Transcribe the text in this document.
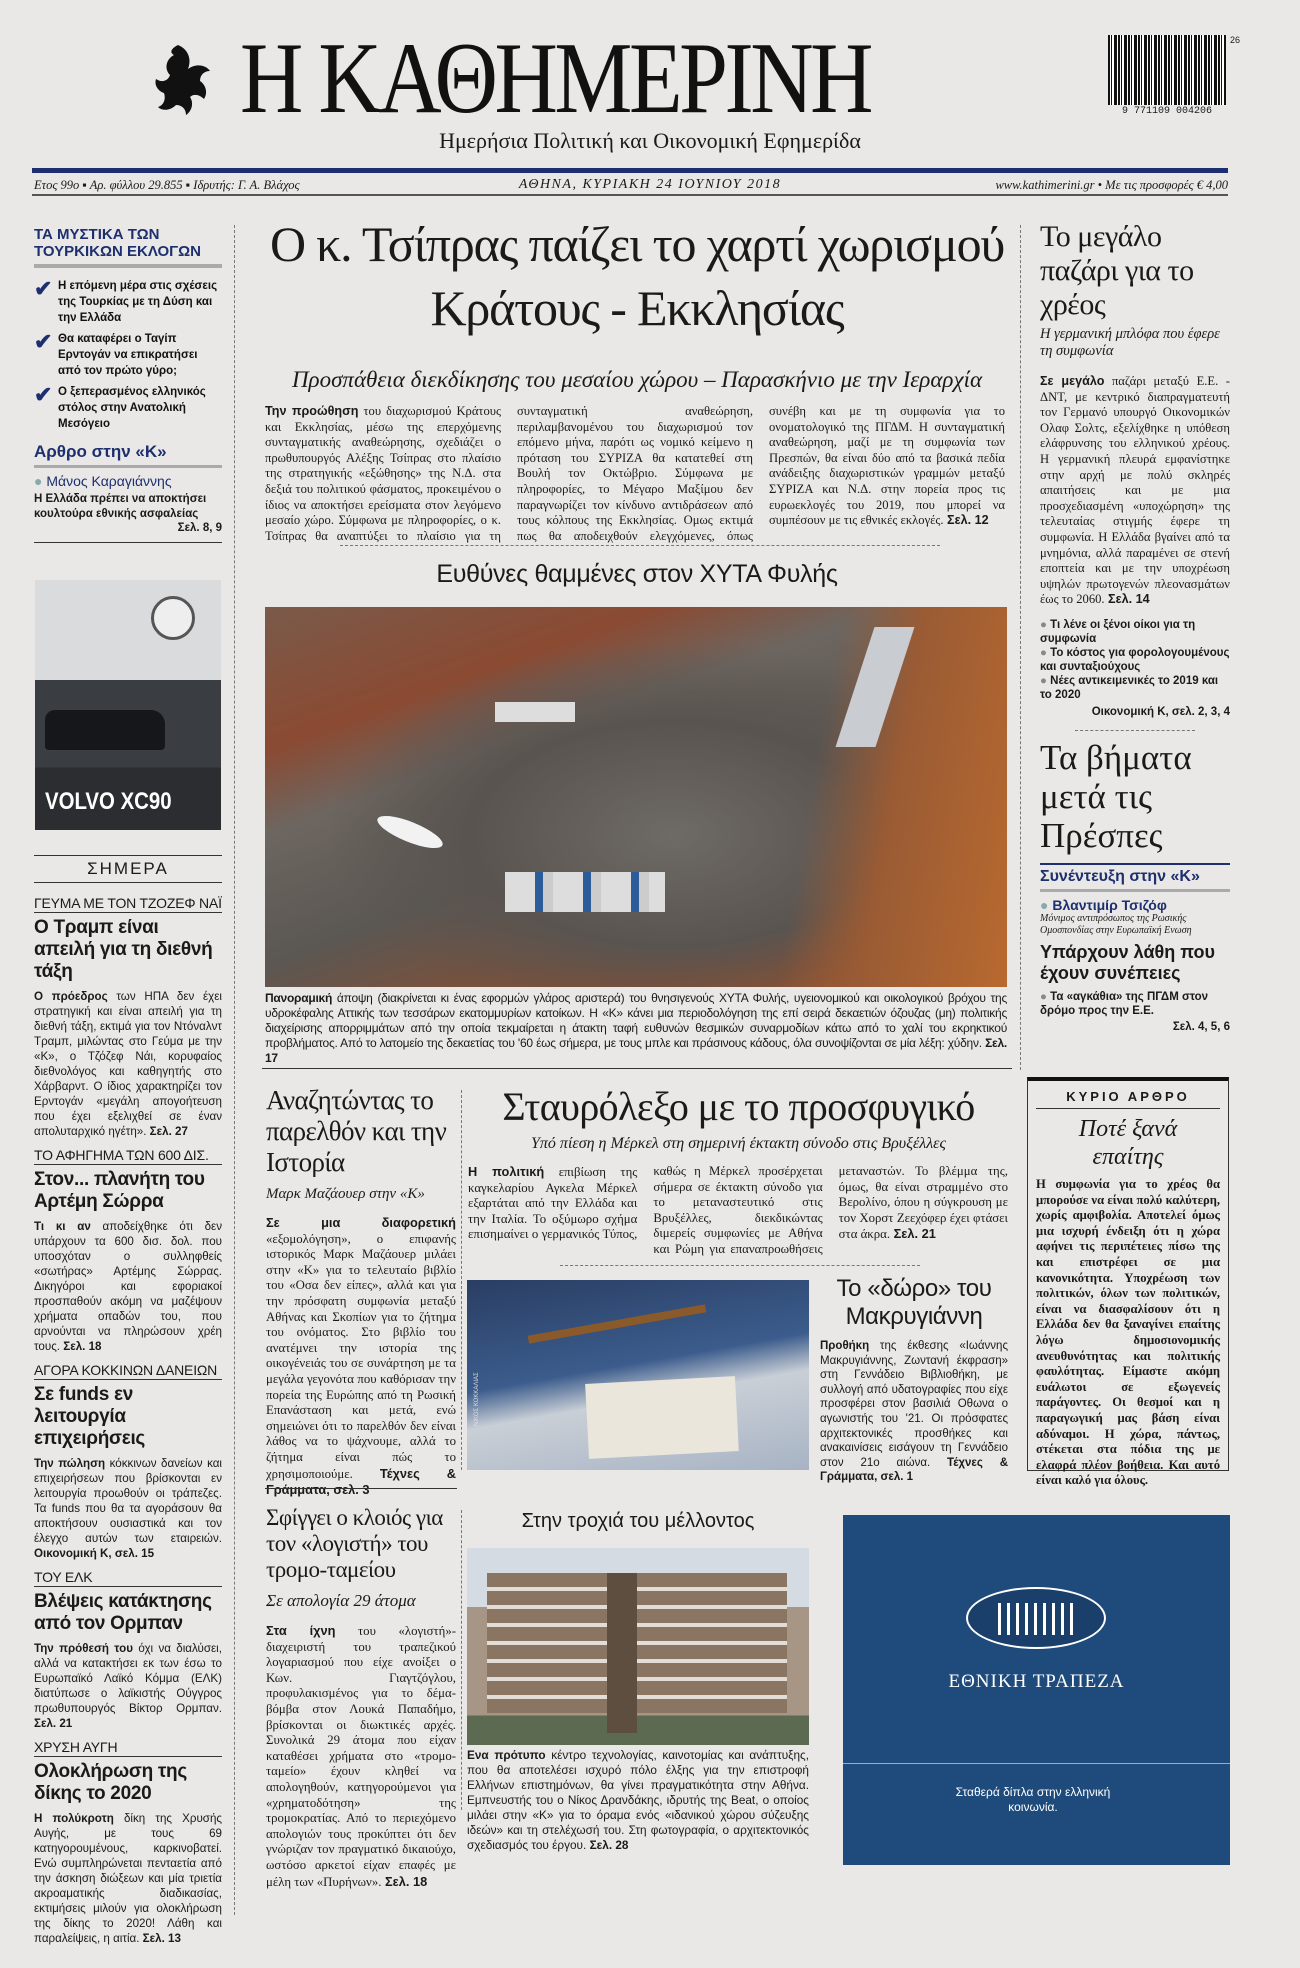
Η ΚΑΘΗΜΕΡΙΝΗ	9 771109 004206
26
Ημερήσια Πολιτική και Οικονομική Εφημερίδα
Ετος 99ο ▪ Αρ. φύλλου 29.855 ▪ Ιδρυτής: Γ. Α. Βλάχος	ΑΘΗΝΑ, ΚΥΡΙΑΚΗ 24 ΙΟΥΝΙΟΥ 2018	www.kathimerini.gr • Με τις προσφορές € 4,00
ΤΑ ΜΥΣΤΙΚΑ ΤΩΝ ΤΟΥΡΚΙΚΩΝ ΕΚΛΟΓΩΝ
✔ Η επόμενη μέρα στις σχέσεις της Τουρκίας με τη Δύση και την Ελλάδα
✔ Θα καταφέρει ο Ταγίπ Ερντογάν να επικρατήσει από τον πρώτο γύρο;
✔ Ο ξεπερασμένος ελληνικός στόλος στην Ανατολική Μεσόγειο
Αρθρο στην «Κ»
● Μάνος Καραγιάννης
Η Ελλάδα πρέπει να αποκτήσει κουλτούρα εθνικής ασφαλείας
Σελ. 8, 9
VOLVO XC90
ΣΗΜΕΡΑ
ΓΕΥΜΑ ΜΕ ΤΟΝ ΤΖΟΖΕΦ ΝΑΪ
Ο Τραμπ είναι απειλή για τη διεθνή τάξη

Ο πρόεδρος των ΗΠΑ δεν έχει στρατηγική και είναι απειλή για τη διεθνή τάξη, εκτιμά για τον Ντόναλντ Τραμπ, μιλώντας στο Γεύμα με την «Κ», ο Τζόζεφ Νάι, κορυφαίος διεθνολόγος και καθηγητής στο Χάρβαρντ. Ο ίδιος χαρακτηρίζει τον Ερντογάν «μεγάλη απογοήτευση που έχει εξελιχθεί σε έναν απολυταρχικό ηγέτη». Σελ. 27

ΤΟ ΑΦΗΓΗΜΑ ΤΩΝ 600 ΔΙΣ.
Στον... πλανήτη του Αρτέμη Σώρρα

Τι κι αν αποδείχθηκε ότι δεν υπάρχουν τα 600 δισ. δολ. που υποσχόταν ο συλληφθείς «σωτήρας» Αρτέμης Σώρρας. Δικηγόροι και εφοριακοί προσπαθούν ακόμη να μαζέψουν χρήματα οπαδών του, που αρνούνται να πληρώσουν χρέη τους. Σελ. 18

ΑΓΟΡΑ ΚΟΚΚΙΝΩΝ ΔΑΝΕΙΩΝ
Σε funds εν λειτουργία επιχειρήσεις

Την πώληση κόκκινων δανείων και επιχειρήσεων που βρίσκονται εν λειτουργία προωθούν οι τράπεζες. Τα funds που θα τα αγοράσουν θα αποκτήσουν ουσιαστικά και τον έλεγχο αυτών των εταιρειών. Οικονομική Κ, σελ. 15

ΤΟΥ ΕΛΚ
Βλέψεις κατάκτησης από τον Ορμπαν

Την πρόθεσή του όχι να διαλύσει, αλλά να κατακτήσει εκ των έσω το Ευρωπαϊκό Λαϊκό Κόμμα (ΕΛΚ) διατύπωσε ο λαϊκιστής Ούγγρος πρωθυπουργός Βίκτορ Ορμπαν. Σελ. 21

ΧΡΥΣΗ ΑΥΓΗ
Ολοκλήρωση της δίκης το 2020

Η πολύκροτη δίκη της Χρυσής Αυγής, με τους 69 κατηγορουμένους, καρκινοβατεί. Ενώ συμπληρώνεται πενταετία από την άσκηση διώξεων και μία τριετία ακροαματικής διαδικασίας, εκτιμήσεις μιλούν για ολοκλήρωση της δίκης το 2020! Λάθη και παραλείψεις, η αιτία. Σελ. 13

Ο κ. Τσίπρας παίζει το χαρτί χωρισμού Κράτους - Εκκλησίας
Προσπάθεια διεκδίκησης του μεσαίου χώρου – Παρασκήνιο με την Ιεραρχία

Την προώθηση του διαχωρισμού Κράτους και Εκκλησίας, μέσω της επερχόμενης συνταγματικής αναθεώρησης, σχεδιάζει ο πρωθυπουργός Αλέξης Τσίπρας στο πλαίσιο της στρατηγικής «εξώθησης» της Ν.Δ. στα δεξιά του πολιτικού φάσματος, προκειμένου ο ίδιος να αποκτήσει ερείσματα στον λεγόμενο μεσαίο χώρο. Σύμφωνα με πληροφορίες, ο κ. Τσίπρας θα αναπτύξει το πλαίσιο για τη συνταγματική αναθεώρηση, περιλαμβανομένου του διαχωρισμού τον επόμενο μήνα, παρότι ως νομικό κείμενο η πρόταση του ΣΥΡΙΖΑ θα κατατεθεί στη Βουλή τον Οκτώβριο. Σύμφωνα με πληροφορίες, το Μέγαρο Μαξίμου δεν παραγνωρίζει τον κίνδυνο αντιδράσεων από τους κόλπους της Εκκλησίας. Ομως εκτιμά πως θα αποδειχθούν ελεγχόμενες, όπως συνέβη και με τη συμφωνία για το ονοματολογικό της ΠΓΔΜ. Η συνταγματική αναθεώρηση, μαζί με τη συμφωνία των Πρεσπών, θα είναι δύο από τα βασικά πεδία ανάδειξης διαχωριστικών γραμμών μεταξύ ΣΥΡΙΖΑ και Ν.Δ. στην πορεία προς τις ευρωεκλογές του 2019, που μπορεί να συμπέσουν με τις εθνικές εκλογές. Σελ. 12

Ευθύνες θαμμένες στον ΧΥΤΑ Φυλής

Πανοραμική άποψη (διακρίνεται κι ένας εφορμών γλάρος αριστερά) του θνησιγενούς ΧΥΤΑ Φυλής, υγειονομικού και οικολογικού βρόχου της υδροκέφαλης Αττικής των τεσσάρων εκατομμυρίων κατοίκων. Η «Κ» κάνει μια περιοδολόγηση της επί σειρά δεκαετιών όζουζας (μη) πολιτικής διαχείρισης απορριμμάτων από την οποία τεκμαίρεται η άτακτη ταφή ευθυνών θεσμικών συναρμοδίων κάτω από το χαλί του εκρηκτικού προβλήματος. Από το λατομείο της δεκαετίας του '60 έως σήμερα, με τους μπλε και πράσινους κάδους, όλα συνοψίζονται σε μία λέξη: χύδην. Σελ. 17

Αναζητώντας το παρελθόν και την Ιστορία
Μαρκ Μαζάουερ στην «Κ»

Σε μια διαφορετική «εξομολόγηση», ο επιφανής ιστορικός Μαρκ Μαζάουερ μιλάει στην «Κ» για το τελευταίο βιβλίο του «Οσα δεν είπες», αλλά και για την πρόσφατη συμφωνία μεταξύ Αθήνας και Σκοπίων για το ζήτημα του ονόματος. Στο βιβλίο του ανατέμνει την ιστορία της οικογένειάς του σε συνάρτηση με τα μεγάλα γεγονότα που καθόρισαν την πορεία της Ευρώπης από τη Ρωσική Επανάσταση και μετά, ενώ σημειώνει ότι το παρελθόν δεν είναι λάθος να το ψάχνουμε, αλλά το ζήτημα είναι πώς το χρησιμοποιούμε. Τέχνες & Γράμματα, σελ. 3

Σταυρόλεξο με το προσφυγικό
Υπό πίεση η Μέρκελ στη σημερινή έκτακτη σύνοδο στις Βρυξέλλες

Η πολιτική επιβίωση της καγκελαρίου Αγκελα Μέρκελ εξαρτάται από την Ελλάδα και την Ιταλία. Το οξύμωρο σχήμα επισημαίνει ο γερμανικός Τύπος, καθώς η Μέρκελ προσέρχεται σήμερα σε έκτακτη σύνοδο για το μεταναστευτικό στις Βρυξέλλες, διεκδικώντας διμερείς συμφωνίες με Αθήνα και Ρώμη για επαναπροωθήσεις μεταναστών. Το βλέμμα της, όμως, θα είναι στραμμένο στο Βερολίνο, όπου η σύγκρουση με τον Χορστ Ζεεχόφερ έχει φτάσει στα άκρα. Σελ. 21

ΝΙΚΟΣ ΚΟΚΚΑΛΙΑΣ
Το «δώρο» του Μακρυγιάννη

Προθήκη της έκθεσης «Ιωάννης Μακρυγιάννης, Ζωντανή έκφραση» στη Γεννάδειο Βιβλιοθήκη, με συλλογή από υδατογραφίες που είχε προσφέρει στον βασιλιά Οθωνα ο αγωνιστής του '21. Οι πρόσφατες αρχιτεκτονικές προσθήκες και ανακαινίσεις εισάγουν τη Γεννάδειο στον 21ο αιώνα. Τέχνες & Γράμματα, σελ. 1

Σφίγγει ο κλοιός για τον «λογιστή» του τρομο-ταμείου
Σε απολογία 29 άτομα

Στα ίχνη του «λογιστή»-διαχειριστή του τραπεζικού λογαριασμού που είχε ανοίξει ο Κων. Γιαγτζόγλου, προφυλακισμένος για το δέμα-βόμβα στον Λουκά Παπαδήμο, βρίσκονται οι διωκτικές αρχές. Συνολικά 29 άτομα που είχαν καταθέσει χρήματα στο «τρομο-ταμείο» έχουν κληθεί να απολογηθούν, κατηγορούμενοι για «χρηματοδότηση» της τρομοκρατίας. Από το περιεχόμενο απολογιών τους προκύπτει ότι δεν γνώριζαν τον πραγματικό δικαιούχο, ωστόσο αρκετοί είχαν επαφές με μέλη των «Πυρήνων». Σελ. 18

Στην τροχιά του μέλλοντος

Ενα πρότυπο κέντρο τεχνολογίας, καινοτομίας και ανάπτυξης, που θα αποτελέσει ισχυρό πόλο έλξης για την επιστροφή Ελλήνων επιστημόνων, θα γίνει πραγματικότητα στην Αθήνα. Εμπνευστής του ο Νίκος Δρανδάκης, ιδρυτής της Beat, ο οποίος μιλάει στην «Κ» για το όραμα ενός «ιδανικού χώρου σύζευξης ιδεών» και τη στελέχωσή του. Στη φωτογραφία, ο αρχιτεκτονικός σχεδιασμός του έργου. Σελ. 28

Το μεγάλο παζάρι για το χρέος
Η γερμανική μπλόφα που έφερε τη συμφωνία

Σε μεγάλο παζάρι μεταξύ Ε.Ε. - ΔΝΤ, με κεντρικό διαπραγματευτή τον Γερμανό υπουργό Οικονομικών Ολαφ Σολτς, εξελίχθηκε η υπόθεση ελάφρυνσης του ελληνικού χρέους. Η γερμανική πλευρά εμφανίστηκε στην αρχή με πολύ σκληρές απαιτήσεις και με μια προσχεδιασμένη «υποχώρηση» της τελευταίας στιγμής έφερε τη συμφωνία. Η Ελλάδα βγαίνει από τα μνημόνια, αλλά παραμένει σε στενή εποπτεία και με την υποχρέωση υψηλών πρωτογενών πλεονασμάτων έως το 2060. Σελ. 14

● Τι λένε οι ξένοι οίκοι για τη συμφωνία
● Το κόστος για φορολογουμένους και συνταξιούχους
● Νέες αντικειμενικές το 2019 και το 2020
Οικονομική Κ, σελ. 2, 3, 4
Τα βήματα μετά τις Πρέσπες
Συνέντευξη στην «Κ»
● Βλαντιμίρ Τσιζόφ
Μόνιμος αντιπρόσωπος της Ρωσικής Ομοσπονδίας στην Ευρωπαϊκή Ενωση
Υπάρχουν λάθη που έχουν συνέπειες
● Τα «αγκάθια» της ΠΓΔΜ στον δρόμο προς την Ε.Ε.
Σελ. 4, 5, 6
ΚΥΡΙΟ ΑΡΘΡΟ
Ποτέ ξανά επαίτης

Η συμφωνία για το χρέος θα μπορούσε να είναι πολύ καλύτερη, χωρίς αμφιβολία. Αποτελεί όμως μια ισχυρή ένδειξη ότι η χώρα αφήνει τις περιπέτειες πίσω της και επιστρέφει σε μια κανονικότητα. Υποχρέωση των πολιτικών, όλων των πολιτικών, είναι να διασφαλίσουν ότι η Ελλάδα δεν θα ξαναγίνει επαίτης λόγω δημοσιονομικής ανευθυνότητας και πολιτικής φαυλότητας. Είμαστε ακόμη ευάλωτοι σε εξωγενείς παράγοντες. Οι θεσμοί και η παραγωγική μας βάση είναι αδύναμοι. Η χώρα, πάντως, στέκεται στα πόδια της με ελαφρά πλέον βοήθεια. Και αυτό είναι καλό για όλους.

ΕΘΝΙΚΗ ΤΡΑΠΕΖΑ
Σταθερά δίπλα στην ελληνική κοινωνία.
